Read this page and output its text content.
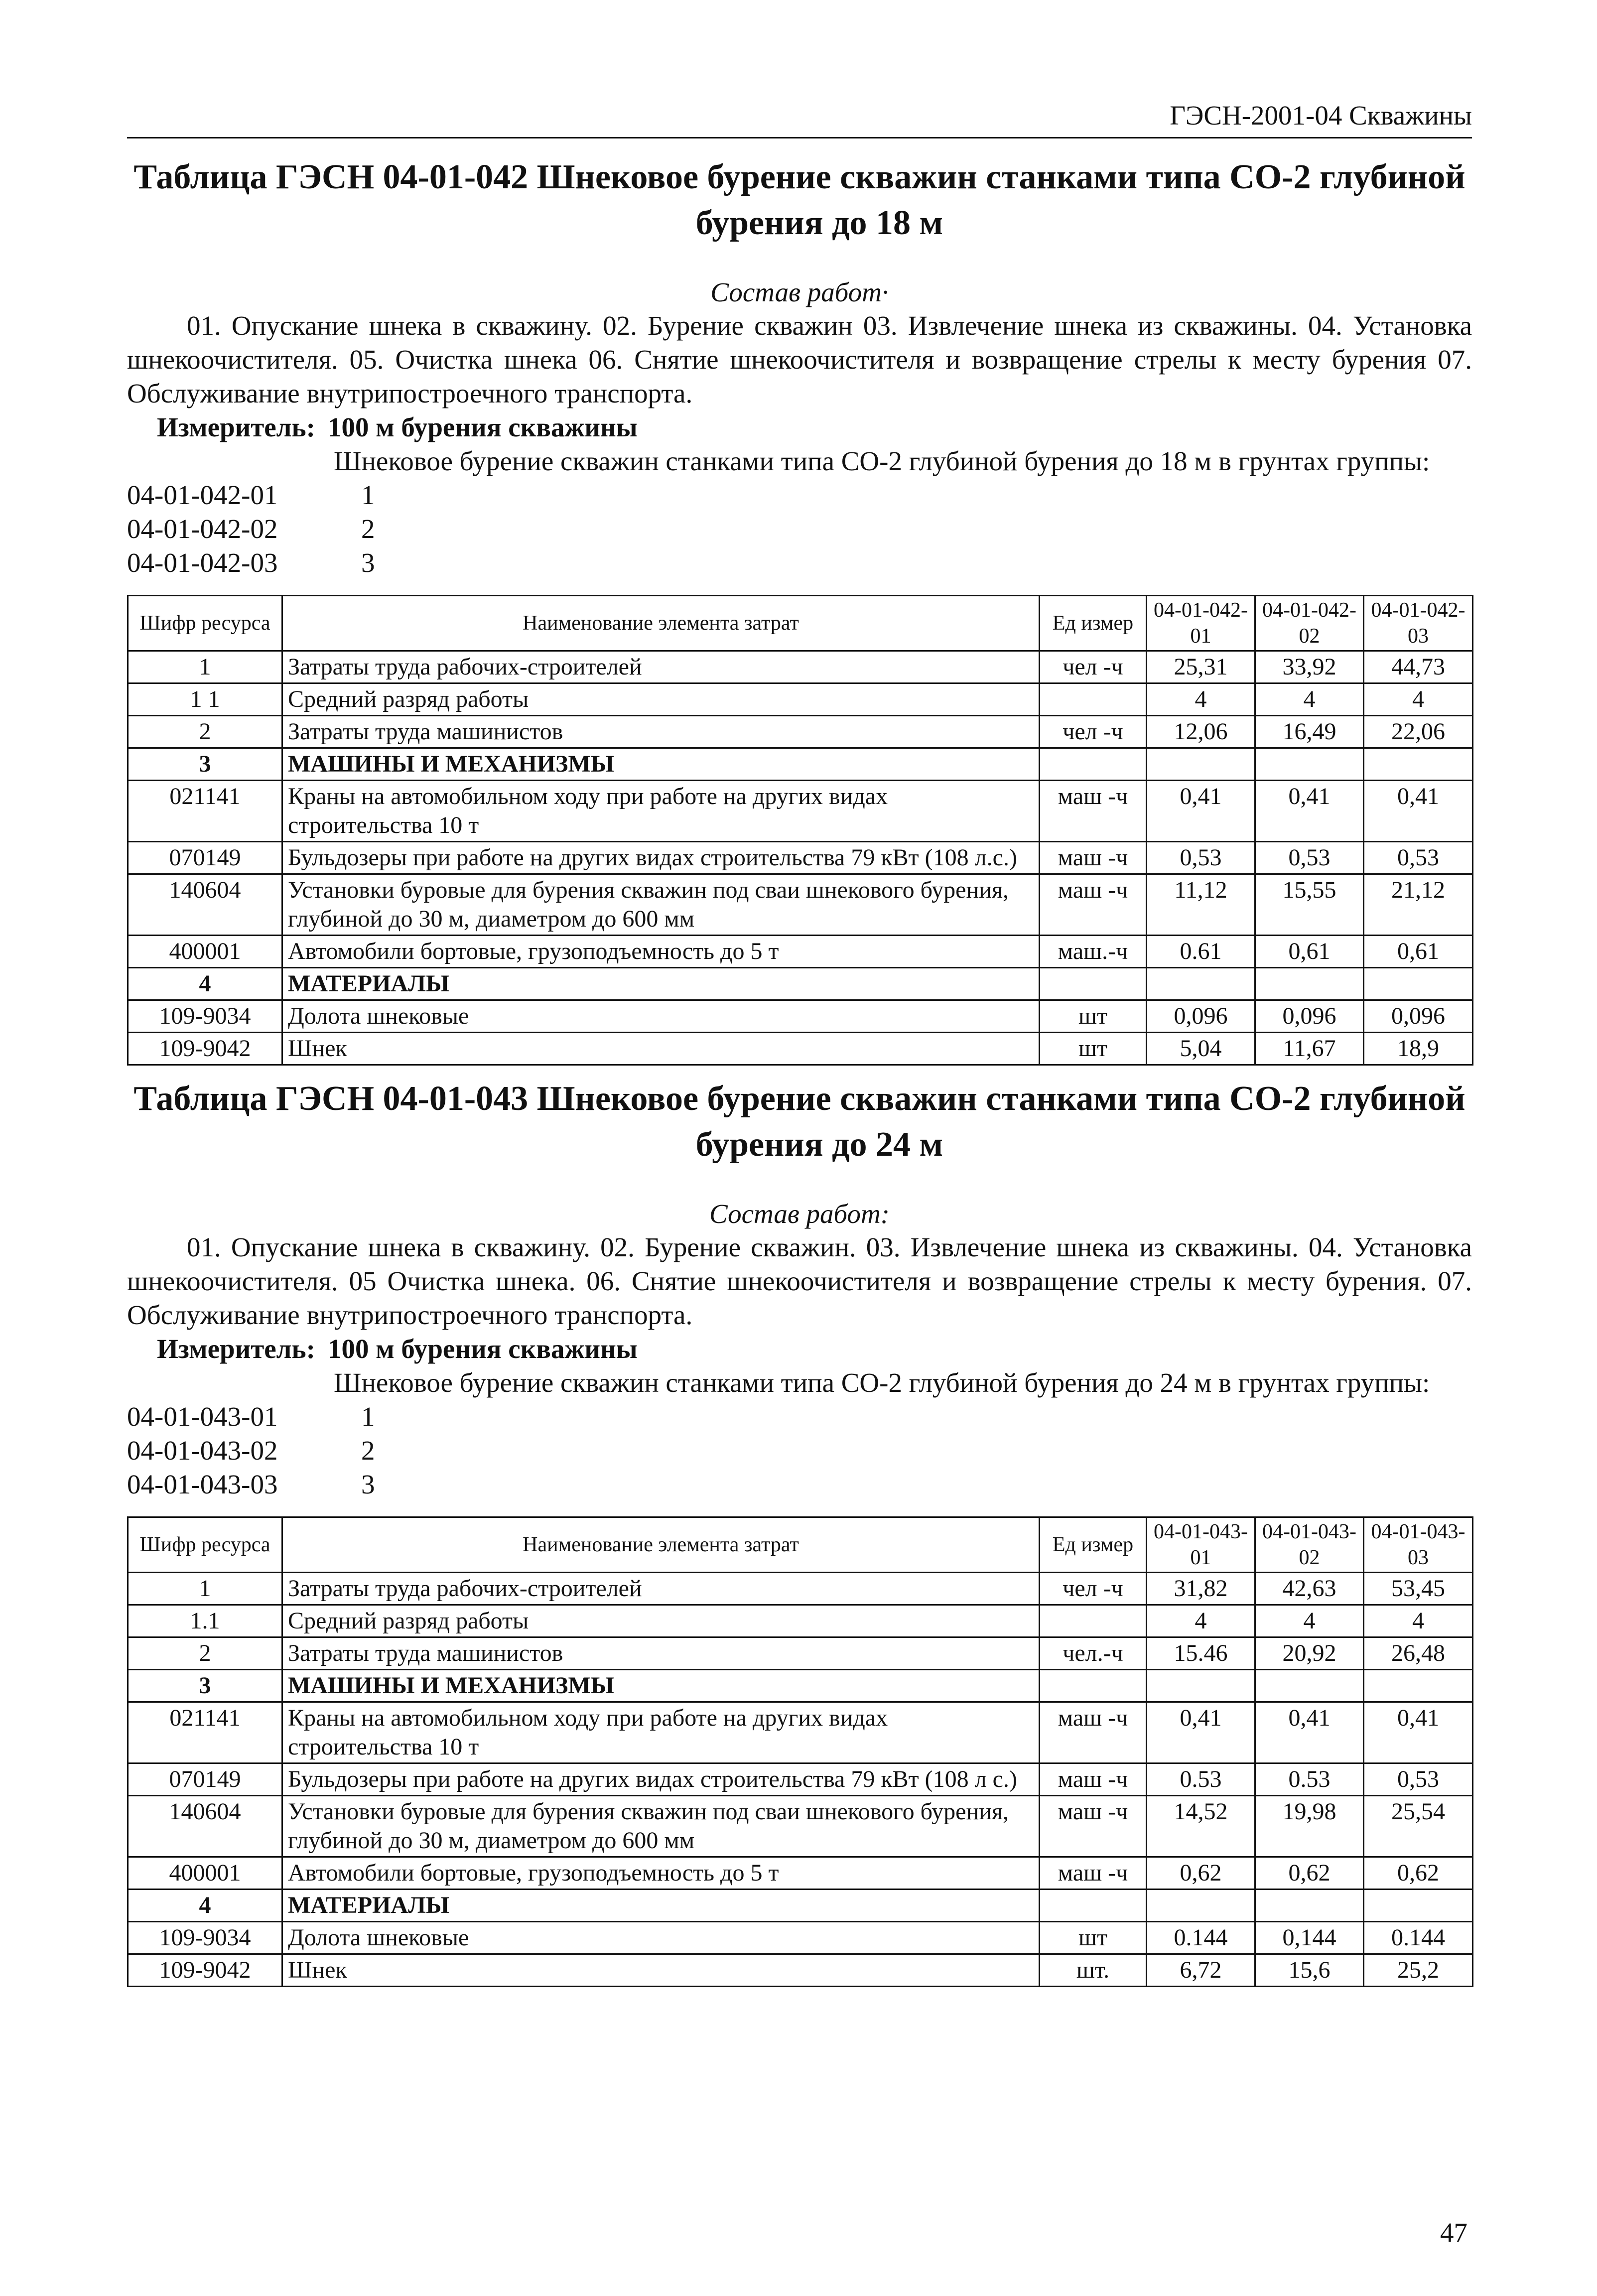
ГЭСН-2001-04 Скважины
Таблица ГЭСН 04-01-042 Шнековое бурение скважин станками типа СО-2 глубиной
бурения до 18 м
Состав работ·

01. Опускание шнека в скважину. 02. Бурение скважин 03. Извлечение шнека из скважины. 04. Установка шнекоочистителя. 05. Очистка шнека 06. Снятие шнекоочистителя и возвращение стрелы к месту бурения 07. Обслуживание внутрипостроечного транспорта.

Измеритель: 100 м бурения скважины
Шнековое бурение скважин станками типа СО-2 глубиной бурения до 18 м в грунтах группы:
04-01-042-01	1
04-01-042-02	2
04-01-042-03	3
Шифр ресурса	Наименование элемента затрат	Ед измер	04-01-042-01	04-01-042-02	04-01-042-03
1	Затраты труда рабочих-строителей	чел -ч	25,31	33,92	44,73
1 1	Средний разряд работы		4	4	4
2	Затраты труда машинистов	чел -ч	12,06	16,49	22,06
3	МАШИНЫ И МЕХАНИЗМЫ				
021141	Краны на автомобильном ходу при работе на других видах строительства 10 т	маш -ч	0,41	0,41	0,41
070149	Бульдозеры при работе на других видах строительства 79 кВт (108 л.с.)	маш -ч	0,53	0,53	0,53
140604	Установки буровые для бурения скважин под сваи шнекового бурения, глубиной до 30 м, диаметром до 600 мм	маш -ч	11,12	15,55	21,12
400001	Автомобили бортовые, грузоподъемность до 5 т	маш.-ч	0.61	0,61	0,61
4	МАТЕРИАЛЫ				
109-9034	Долота шнековые	шт	0,096	0,096	0,096
109-9042	Шнек	шт	5,04	11,67	18,9
Таблица ГЭСН 04-01-043 Шнековое бурение скважин станками типа СО-2 глубиной
бурения до 24 м
Состав работ:

01. Опускание шнека в скважину. 02. Бурение скважин. 03. Извлечение шнека из скважины. 04. Установка шнекоочистителя. 05 Очистка шнека. 06. Снятие шнекоочистителя и возвращение стрелы к месту бурения. 07. Обслуживание внутрипостроечного транспорта.

Измеритель: 100 м бурения скважины
Шнековое бурение скважин станками типа СО-2 глубиной бурения до 24 м в грунтах группы:
04-01-043-01	1
04-01-043-02	2
04-01-043-03	3
Шифр ресурса	Наименование элемента затрат	Ед измер	04-01-043-01	04-01-043-02	04-01-043-03
1	Затраты труда рабочих-строителей	чел -ч	31,82	42,63	53,45
1.1	Средний разряд работы		4	4	4
2	Затраты труда машинистов	чел.-ч	15.46	20,92	26,48
3	МАШИНЫ И МЕХАНИЗМЫ				
021141	Краны на автомобильном ходу при работе на других видах строительства 10 т	маш -ч	0,41	0,41	0,41
070149	Бульдозеры при работе на других видах строительства 79 кВт (108 л с.)	маш -ч	0.53	0.53	0,53
140604	Установки буровые для бурения скважин под сваи шнекового бурения, глубиной до 30 м, диаметром до 600 мм	маш -ч	14,52	19,98	25,54
400001	Автомобили бортовые, грузоподъемность до 5 т	маш -ч	0,62	0,62	0,62
4	МАТЕРИАЛЫ				
109-9034	Долота шнековые	шт	0.144	0,144	0.144
109-9042	Шнек	шт.	6,72	15,6	25,2
47
